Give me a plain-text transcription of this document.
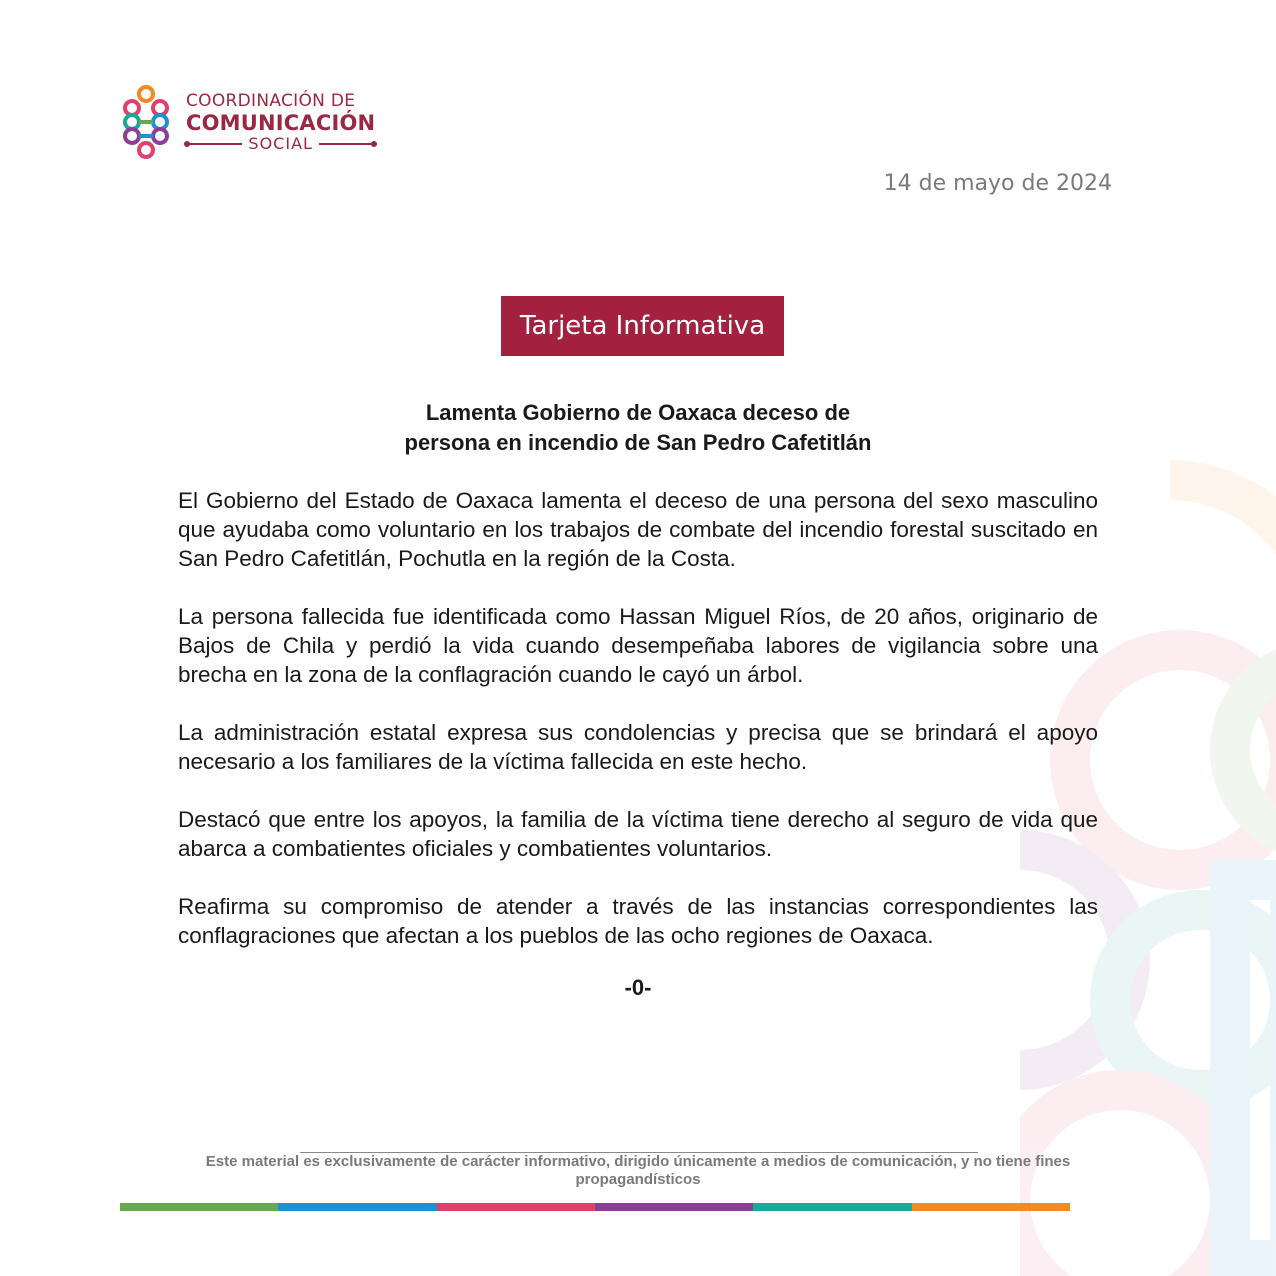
COORDINACIÓN DE
COMUNICACIÓN
SOCIAL
14 de mayo de 2024
Tarjeta Informativa
Lamenta Gobierno de Oaxaca deceso de
persona en incendio de San Pedro Cafetitlán

El Gobierno del Estado de Oaxaca lamenta el deceso de una persona del sexo masculino que ayudaba como voluntario en los trabajos de combate del incendio forestal suscitado en San Pedro Cafetitlán, Pochutla en la región de la Costa.

La persona fallecida fue identificada como Hassan Miguel Ríos, de 20 años, originario de Bajos de Chila y perdió la vida cuando desempeñaba labores de vigilancia sobre una brecha en la zona de la conflagración cuando le cayó un árbol.

La administración estatal expresa sus condolencias y precisa que se brindará el apoyo necesario a los familiares de la víctima fallecida en este hecho.

Destacó que entre los apoyos, la familia de la víctima tiene derecho al seguro de vida que abarca a combatientes oficiales y combatientes voluntarios.

Reafirma su compromiso de atender a través de las instancias correspondientes las conflagraciones que afectan a los pueblos de las ocho regiones de Oaxaca.

-0-
Este material es exclusivamente de carácter informativo, dirigido únicamente a medios de comunicación, y no tiene fines
propagandísticos
